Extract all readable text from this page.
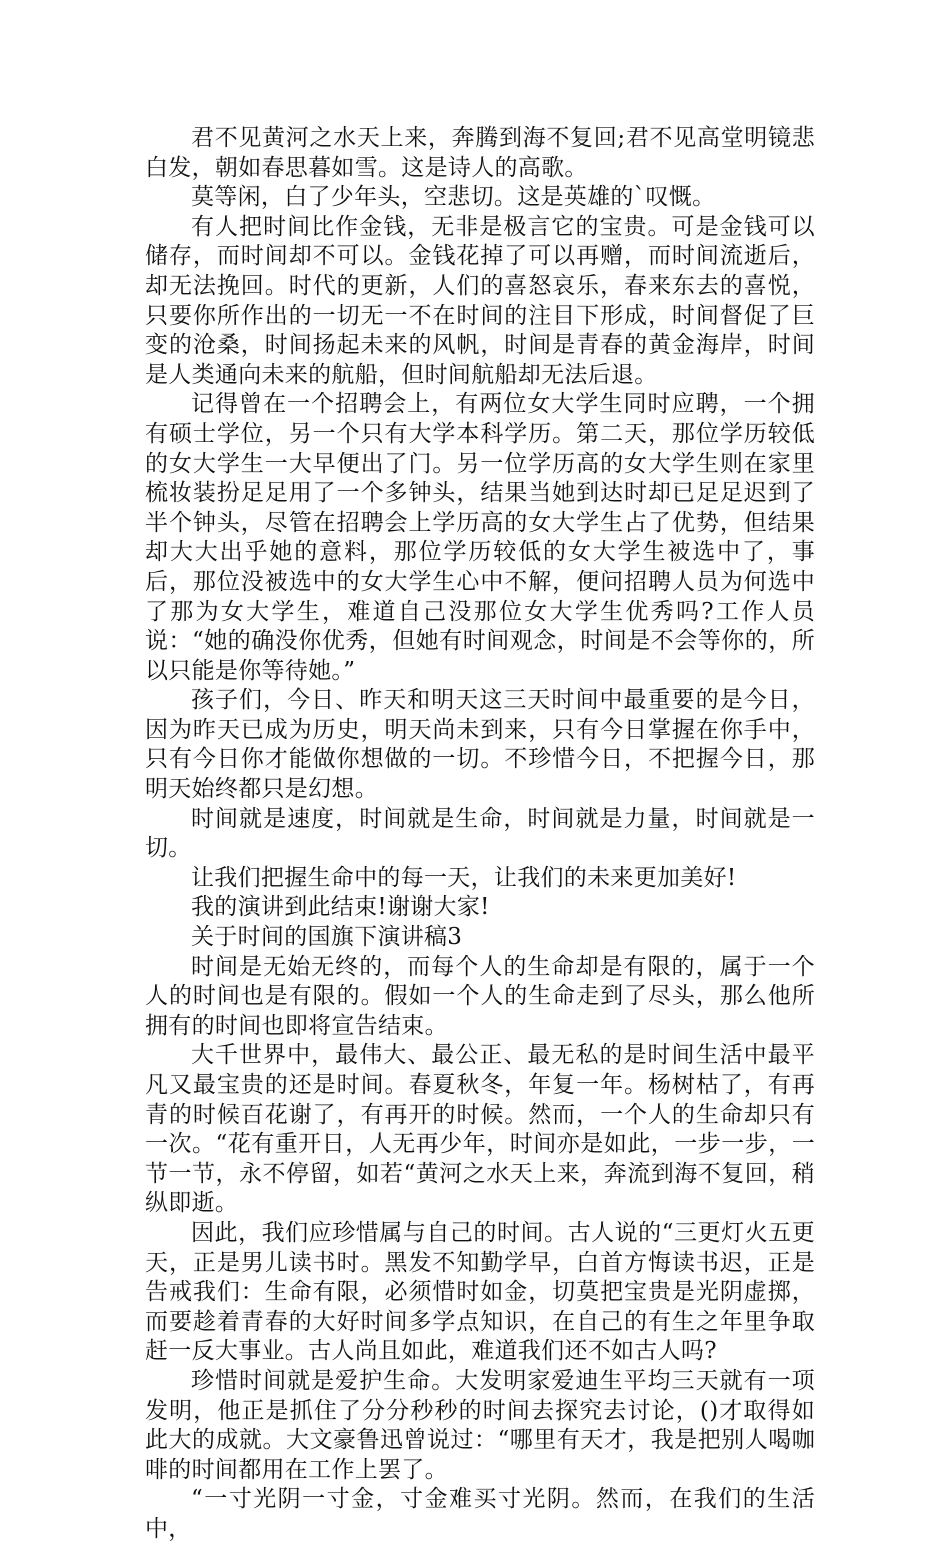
君不见黄河之水天上来，奔腾到海不复回;君不见高堂明镜悲白发，朝如春思暮如雪。这是诗人的高歌。

莫等闲，白了少年头，空悲切。这是英雄的`叹慨。

有人把时间比作金钱，无非是极言它的宝贵。可是金钱可以储存，而时间却不可以。金钱花掉了可以再赠，而时间流逝后，却无法挽回。时代的更新，人们的喜怒哀乐，春来东去的喜悦，只要你所作出的一切无一不在时间的注目下形成，时间督促了巨变的沧桑，时间扬起未来的风帆，时间是青春的黄金海岸，时间是人类通向未来的航船，但时间航船却无法后退。

记得曾在一个招聘会上，有两位女大学生同时应聘，一个拥有硕士学位，另一个只有大学本科学历。第二天，那位学历较低的女大学生一大早便出了门。另一位学历高的女大学生则在家里梳妆装扮足足用了一个多钟头，结果当她到达时却已足足迟到了半个钟头，尽管在招聘会上学历高的女大学生占了优势，但结果却大大出乎她的意料，那位学历较低的女大学生被选中了，事后，那位没被选中的女大学生心中不解，便问招聘人员为何选中了那为女大学生，难道自己没那位女大学生优秀吗?工作人员说：“她的确没你优秀，但她有时间观念，时间是不会等你的，所以只能是你等待她。”

孩子们，今日、昨天和明天这三天时间中最重要的是今日，因为昨天已成为历史，明天尚未到来，只有今日掌握在你手中，只有今日你才能做你想做的一切。不珍惜今日，不把握今日，那明天始终都只是幻想。

时间就是速度，时间就是生命，时间就是力量，时间就是一切。

让我们把握生命中的每一天，让我们的未来更加美好!

我的演讲到此结束!谢谢大家!

关于时间的国旗下演讲稿3

时间是无始无终的，而每个人的生命却是有限的，属于一个人的时间也是有限的。假如一个人的生命走到了尽头，那么他所拥有的时间也即将宣告结束。

大千世界中，最伟大、最公正、最无私的是时间生活中最平凡又最宝贵的还是时间。春夏秋冬，年复一年。杨树枯了，有再青的时候百花谢了，有再开的时候。然而，一个人的生命却只有一次。“花有重开日，人无再少年，时间亦是如此，一步一步，一节一节，永不停留，如若“黄河之水天上来，奔流到海不复回，稍纵即逝。

因此，我们应珍惜属与自己的时间。古人说的“三更灯火五更天，正是男儿读书时。黑发不知勤学早，白首方悔读书迟，正是告戒我们：生命有限，必须惜时如金，切莫把宝贵是光阴虚掷，而要趁着青春的大好时间多学点知识，在自己的有生之年里争取赶一反大事业。古人尚且如此，难道我们还不如古人吗?

珍惜时间就是爱护生命。大发明家爱迪生平均三天就有一项发明，他正是抓住了分分秒秒的时间去探究去讨论，()才取得如此大的成就。大文豪鲁迅曾说过：“哪里有天才，我是把别人喝咖啡的时间都用在工作上罢了。

“一寸光阴一寸金，寸金难买寸光阴。然而，在我们的生活中，
